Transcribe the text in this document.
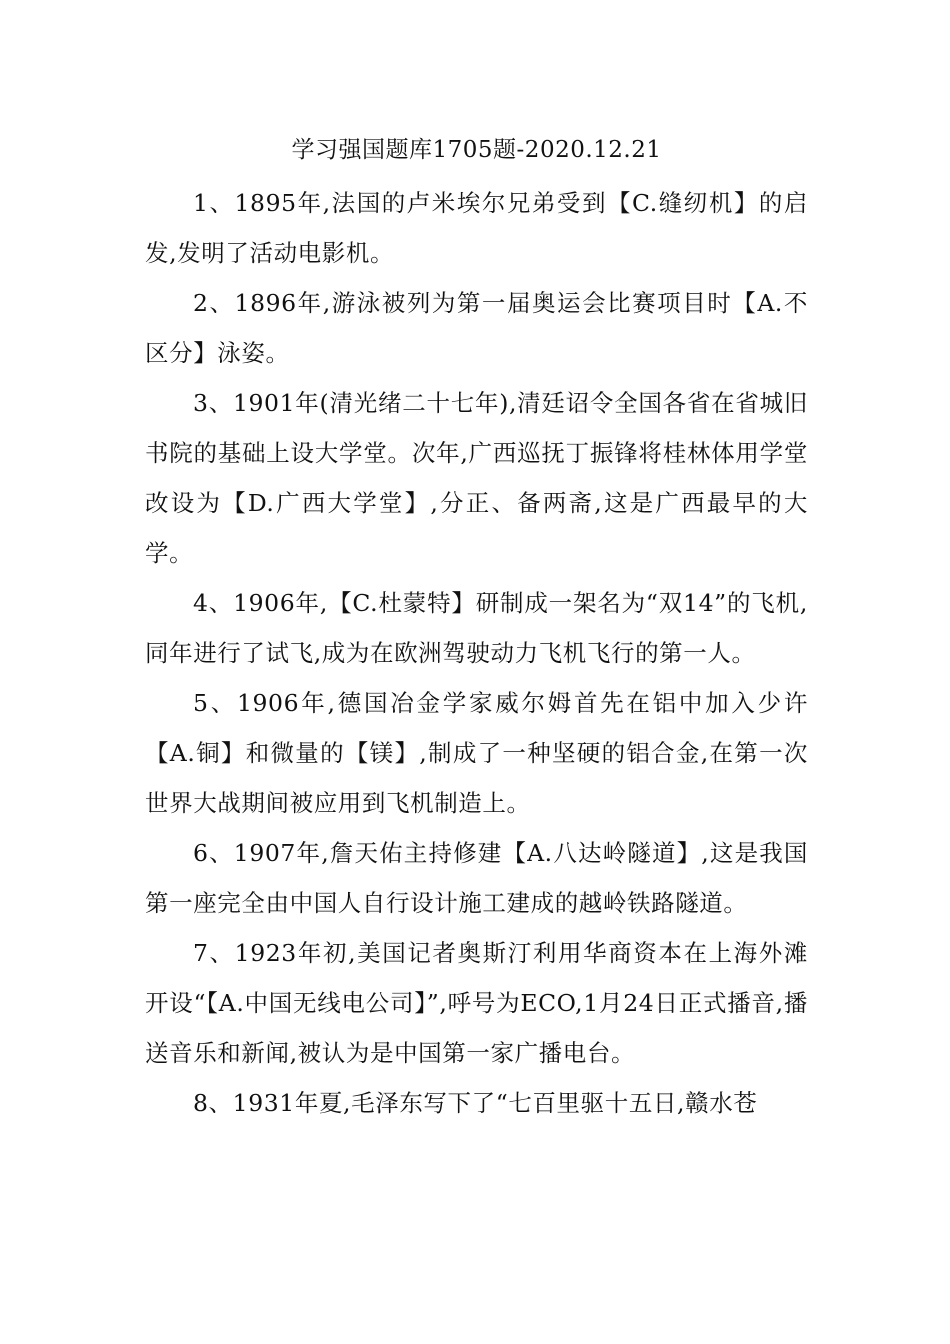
学习强国题库1705题-2020.12.21

1、1895年,法国的卢米埃尔兄弟受到【C.缝纫机】的启发,发明了活动电影机。

2、1896年,游泳被列为第一届奥运会比赛项目时【A.不区分】泳姿。

3、1901年(清光绪二十七年),清廷诏令全国各省在省城旧书院的基础上设大学堂。次年,广西巡抚丁振锋将桂林体用学堂改设为【D.广西大学堂】,分正、备两斋,这是广西最早的大学。

4、1906年,【C.杜蒙特】研制成一架名为“双14”的飞机,同年进行了试飞,成为在欧洲驾驶动力飞机飞行的第一人。

5、1906年,德国冶金学家威尔姆首先在铝中加入少许【A.铜】和微量的【镁】,制成了一种坚硬的铝合金,在第一次世界大战期间被应用到飞机制造上。

6、1907年,詹天佑主持修建【A.八达岭隧道】,这是我国第一座完全由中国人自行设计施工建成的越岭铁路隧道。

7、1923年初,美国记者奥斯汀利用华商资本在上海外滩开设“【A.中国无线电公司】”,呼号为ECO,1月24日正式播音,播送音乐和新闻,被认为是中国第一家广播电台。

8、1931年夏,毛泽东写下了“七百里驱十五日,赣水苍
